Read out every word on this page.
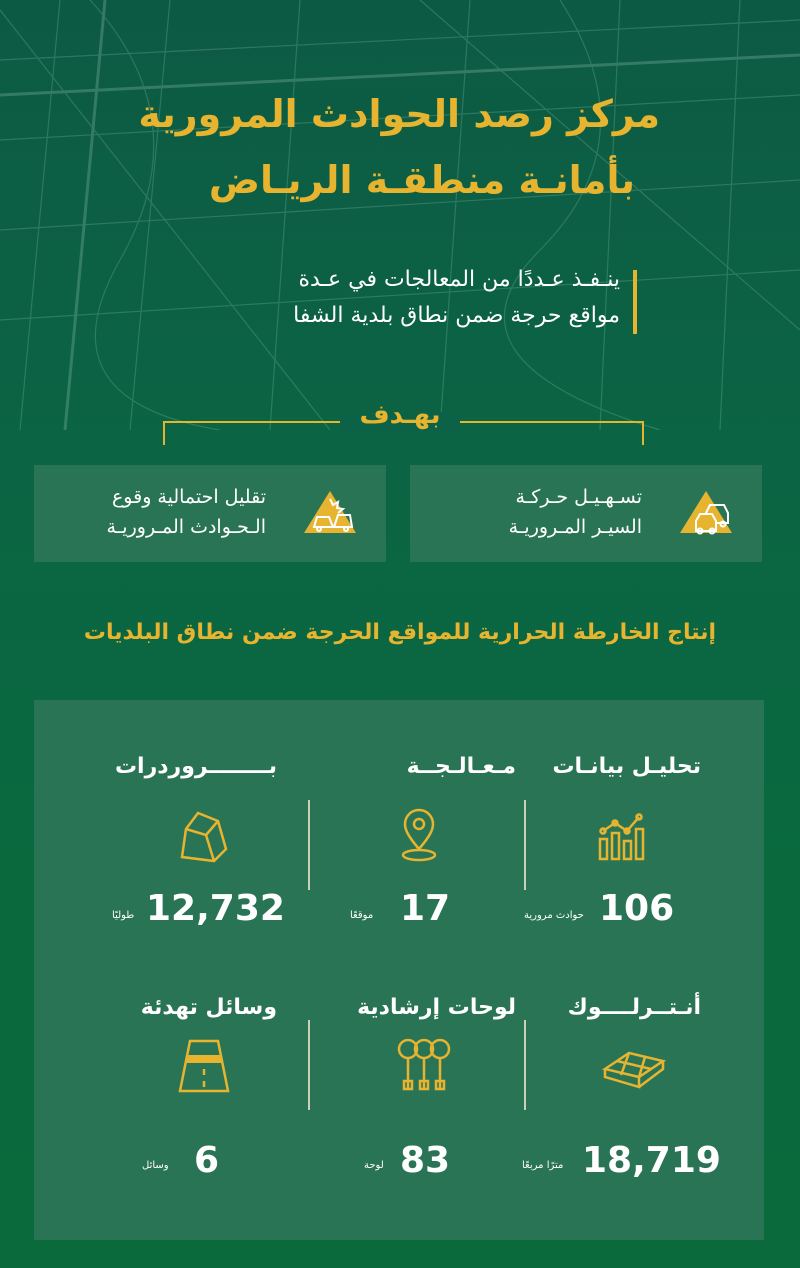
مركز رصد الحوادث المرورية
بأمانـة منطقـة الريـاض
ينـفـذ عـددًا من المعالجات في عـدة
مواقع حرجة ضمن نطاق بلدية الشفا
بهـدف
تسـهـيـل حـركـة
السيـر المـروريـة
تقليل احتمالية وقوع
الـحـوادث المـروريـة
إنتاج الخارطة الحرارية للمواقع الحرجة ضمن نطاق البلديات
تحليـل بيانـات
106
حوادث مرورية
مـعـالـجــة
17
موقعًا
بــــــــروردرات
12,732
طوليًا
أنـتــرلــــوك
18,719
مترًا مربعًا
لوحات إرشادية
83
لوحة
وسائل تهدئة
6
وسائل
